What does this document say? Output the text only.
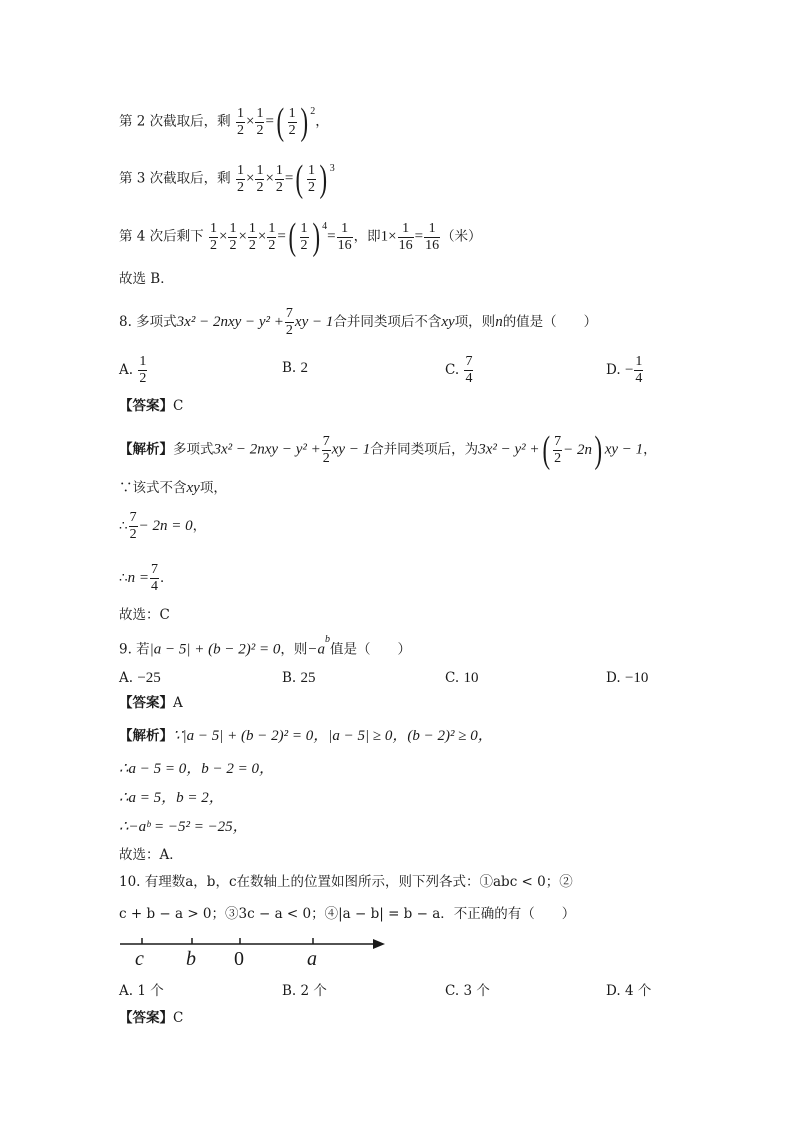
第 2 次截取后，剩 $\frac{1}{2} \times \frac{1}{2}$ = ( $\frac{1}{2}$ ) $^2$，
第 3 次截取后，剩 $\frac{1}{2} \times \frac{1}{2} \times \frac{1}{2}$ = ( $\frac{1}{2}$ ) $^3$
第 4 次后剩下 $\frac{1}{2} \times \frac{1}{2} \times \frac{1}{2} \times \frac{1}{2}$ = ( $\frac{1}{2}$ ) $^4= \frac{1}{16}$ ，即$1\times \frac{1}{16} = \frac{1}{16}$ （米）
故选 B．
8. 多项式$3x^2 - 2nxy - y^2 + \frac{7}{2}$ xy − 1合并同类项后不含xy项，则n的值是（　　）
A. $\frac{1}{2}$	B. 2	C. $\frac{7}{4}$	D. − $\frac{1}{4}$
【答案】C
【解析】多项式$3x^2 - 2nxy - y^2 + \frac{7}{2}$ xy − 1合并同类项后，为3x² − y² + ( $\frac{7}{2} - 2n$ ) xy − 1，
∵该式不含xy项，
∴ $\frac{7}{2} - 2n = 0$，
∴n = $\frac{7}{4}$ ．
故选：C
9. 若|a − 5| + (b − 2)² = 0，则$-a^b$值是（　　）
A. −25	B. 25	C. 10	D. −10
【答案】A
【解析】∵|a − 5| + (b − 2)² = 0，|a − 5| ≥ 0，(b − 2)² ≥ 0，
∴a − 5 = 0，b − 2 = 0，
∴a = 5，b = 2，
∴−aᵇ = −5² = −25，
故选：A．
10. 有理数a，b，c在数轴上的位置如图所示，则下列各式：①abc < 0；②
c + b − a > 0；③3c − a < 0；④|a − b| = b − a．不正确的有（　　）
c b 0	a
A. 1 个	B. 2 个	C. 3 个	D. 4 个
【答案】C
